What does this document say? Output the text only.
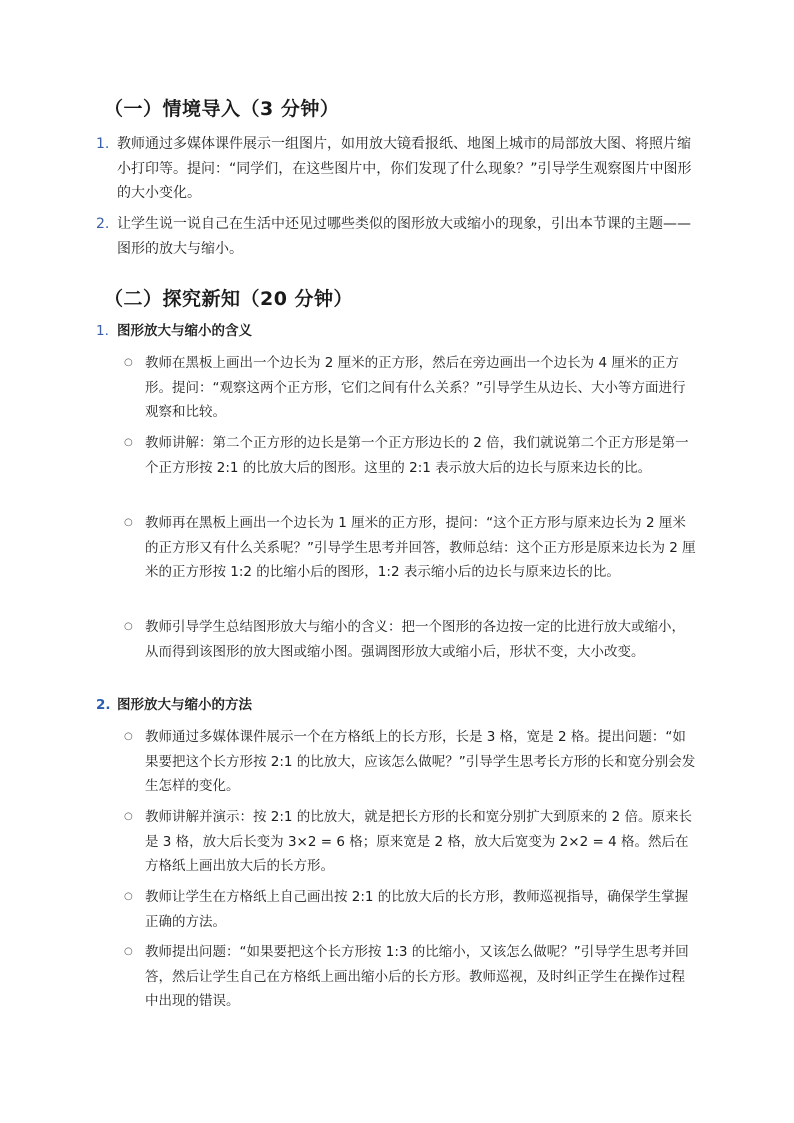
（一）情境导入（3 分钟）
1. 教师通过多媒体课件展示一组图片，如用放大镜看报纸、地图上城市的局部放大图、将照片缩小打印等。提问：“同学们，在这些图片中，你们发现了什么现象？”引导学生观察图片中图形的大小变化。
2. 让学生说一说自己在生活中还见过哪些类似的图形放大或缩小的现象，引出本节课的主题——图形的放大与缩小。
（二）探究新知（20 分钟）
1. 图形放大与缩小的含义
○ 教师在黑板上画出一个边长为 2 厘米的正方形，然后在旁边画出一个边长为 4 厘米的正方形。提问：“观察这两个正方形，它们之间有什么关系？”引导学生从边长、大小等方面进行观察和比较。
○ 教师讲解：第二个正方形的边长是第一个正方形边长的 2 倍，我们就说第二个正方形是第一个正方形按 2:1 的比放大后的图形。这里的 2:1 表示放大后的边长与原来边长的比。
○ 教师再在黑板上画出一个边长为 1 厘米的正方形，提问：“这个正方形与原来边长为 2 厘米的正方形又有什么关系呢？”引导学生思考并回答，教师总结：这个正方形是原来边长为 2 厘米的正方形按 1:2 的比缩小后的图形，1:2 表示缩小后的边长与原来边长的比。
○ 教师引导学生总结图形放大与缩小的含义：把一个图形的各边按一定的比进行放大或缩小，从而得到该图形的放大图或缩小图。强调图形放大或缩小后，形状不变，大小改变。
2. 图形放大与缩小的方法
○ 教师通过多媒体课件展示一个在方格纸上的长方形，长是 3 格，宽是 2 格。提出问题：“如果要把这个长方形按 2:1 的比放大，应该怎么做呢？”引导学生思考长方形的长和宽分别会发生怎样的变化。
○ 教师讲解并演示：按 2:1 的比放大，就是把长方形的长和宽分别扩大到原来的 2 倍。原来长是 3 格，放大后长变为 3×2 = 6 格；原来宽是 2 格，放大后宽变为 2×2 = 4 格。然后在方格纸上画出放大后的长方形。
○ 教师让学生在方格纸上自己画出按 2:1 的比放大后的长方形，教师巡视指导，确保学生掌握正确的方法。
○ 教师提出问题：“如果要把这个长方形按 1:3 的比缩小，又该怎么做呢？”引导学生思考并回答，然后让学生自己在方格纸上画出缩小后的长方形。教师巡视，及时纠正学生在操作过程中出现的错误。
